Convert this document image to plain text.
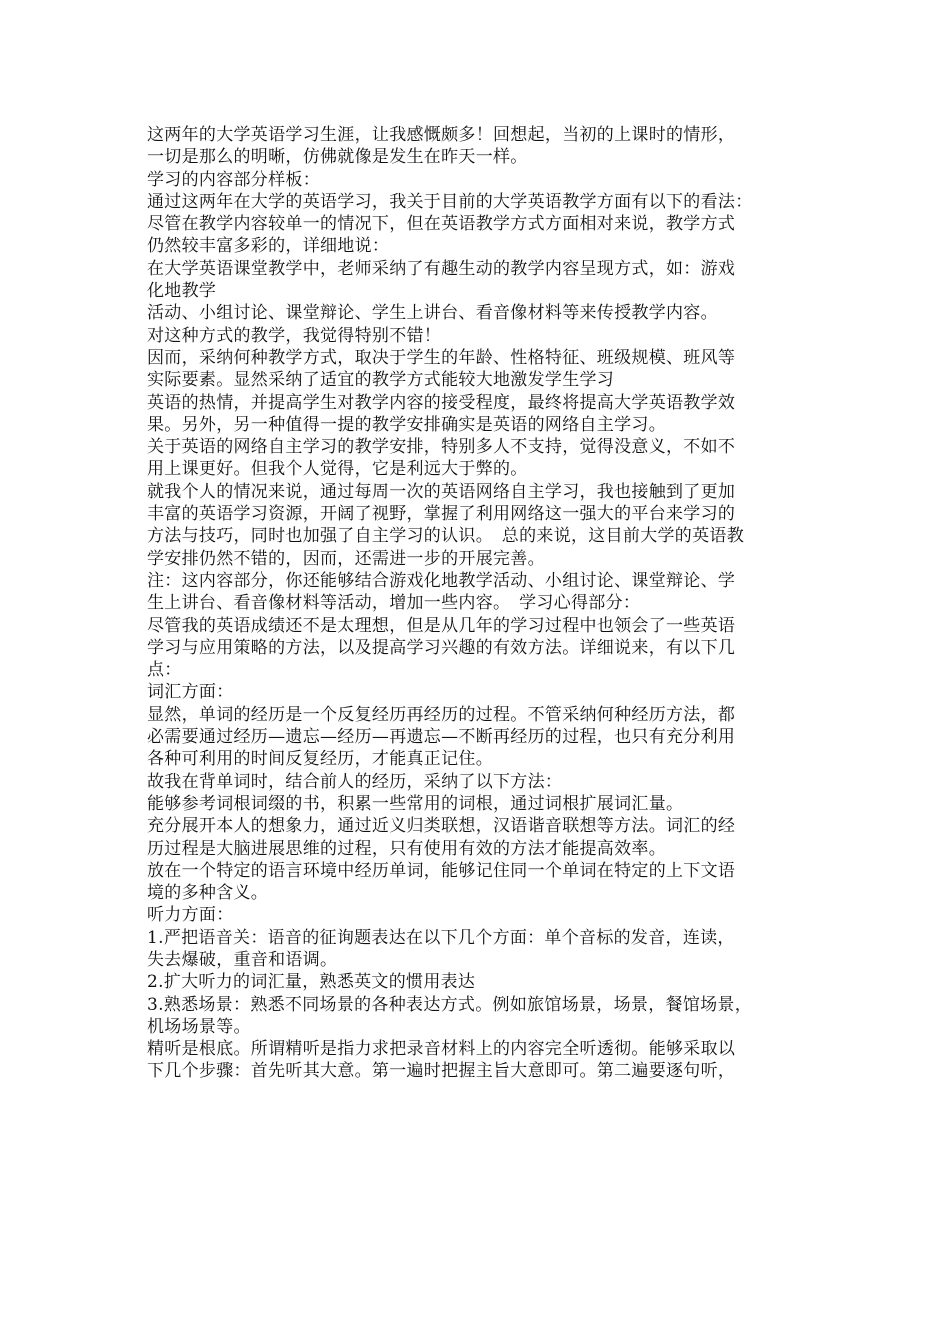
这两年的大学英语学习生涯，让我感慨颇多！回想起，当初的上课时的情形，
一切是那么的明晰，仿佛就像是发生在昨天一样。

学习的内容部分样板：

通过这两年在大学的英语学习，我关于目前的大学英语教学方面有以下的看法：
尽管在教学内容较单一的情况下，但在英语教学方式方面相对来说，教学方式
仍然较丰富多彩的，详细地说：

在大学英语课堂教学中，老师采纳了有趣生动的教学内容呈现方式，如：游戏
化地教学

活动、小组讨论、课堂辩论、学生上讲台、看音像材料等来传授教学内容。

对这种方式的教学，我觉得特别不错！

因而，采纳何种教学方式，取决于学生的年龄、性格特征、班级规模、班风等
实际要素。显然采纳了适宜的教学方式能较大地激发学生学习

英语的热情，并提高学生对教学内容的接受程度，最终将提高大学英语教学效
果。另外，另一种值得一提的教学安排确实是英语的网络自主学习。

关于英语的网络自主学习的教学安排，特别多人不支持，觉得没意义，不如不
用上课更好。但我个人觉得，它是利远大于弊的。

就我个人的情况来说，通过每周一次的英语网络自主学习，我也接触到了更加
丰富的英语学习资源，开阔了视野，掌握了利用网络这一强大的平台来学习的
方法与技巧，同时也加强了自主学习的认识。　总的来说，这目前大学的英语教
学安排仍然不错的，因而，还需进一步的开展完善。

注：这内容部分，你还能够结合游戏化地教学活动、小组讨论、课堂辩论、学
生上讲台、看音像材料等活动，增加一些内容。　学习心得部分：

尽管我的英语成绩还不是太理想，但是从几年的学习过程中也领会了一些英语
学习与应用策略的方法，以及提高学习兴趣的有效方法。详细说来，有以下几
点：

词汇方面：

显然，单词的经历是一个反复经历再经历的过程。不管采纳何种经历方法，都
必需要通过经历—遗忘—经历—再遗忘—不断再经历的过程，也只有充分利用
各种可利用的时间反复经历，才能真正记住。

故我在背单词时，结合前人的经历，采纳了以下方法：

能够参考词根词缀的书，积累一些常用的词根，通过词根扩展词汇量。

充分展开本人的想象力，通过近义归类联想，汉语谐音联想等方法。词汇的经
历过程是大脑进展思维的过程，只有使用有效的方法才能提高效率。

放在一个特定的语言环境中经历单词，能够记住同一个单词在特定的上下文语
境的多种含义。

听力方面：

1.严把语音关：语音的征询题表达在以下几个方面：单个音标的发音，连读，
失去爆破，重音和语调。

2.扩大听力的词汇量，熟悉英文的惯用表达

3.熟悉场景：熟悉不同场景的各种表达方式。例如旅馆场景，场景，餐馆场景，
机场场景等。

精听是根底。所谓精听是指力求把录音材料上的内容完全听透彻。能够采取以
下几个步骤：首先听其大意。第一遍时把握主旨大意即可。第二遍要逐句听，
